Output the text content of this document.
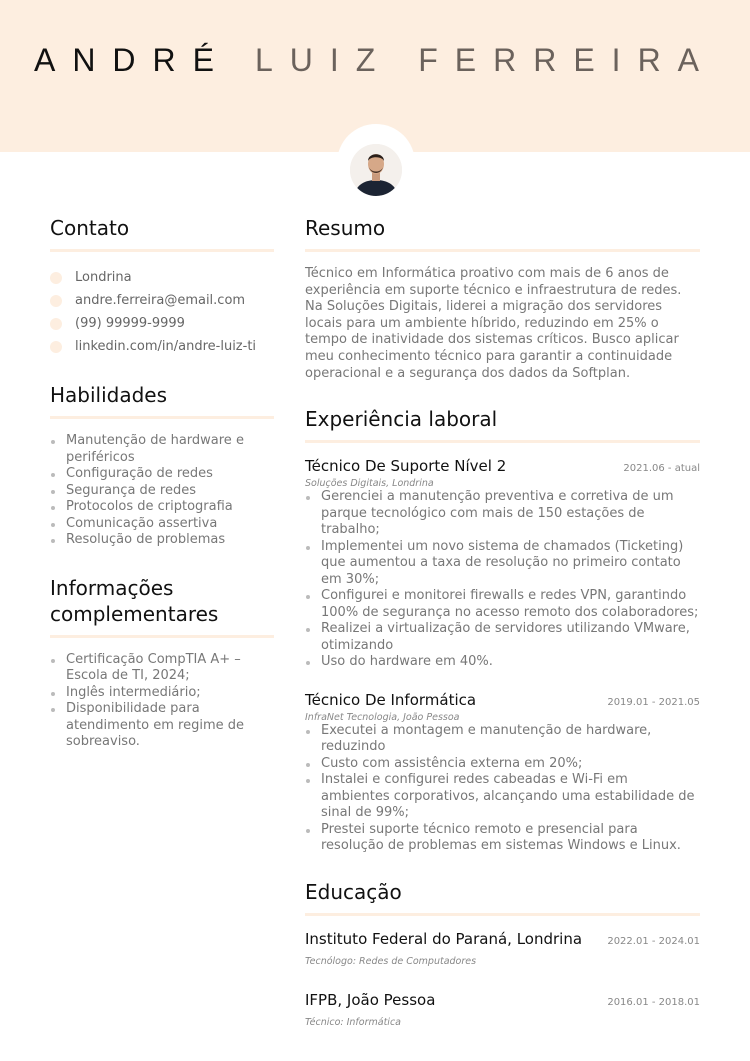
ANDRÉ LUIZ FERREIRA
Contato
Londrina
andre.ferreira@email.com
(99) 99999-9999
linkedin.com/in/andre-luiz-ti
Habilidades
Manutenção de hardware e periféricos
Configuração de redes
Segurança de redes
Protocolos de criptografia
Comunicação assertiva
Resolução de problemas
Informações complementares
Certificação CompTIA A+ – Escola de TI, 2024;
Inglês intermediário;
Disponibilidade para atendimento em regime de sobreaviso.
Resumo

Técnico em Informática proativo com mais de 6 anos de experiência em suporte técnico e infraestrutura de redes. Na Soluções Digitais, liderei a migração dos servidores locais para um ambiente híbrido, reduzindo em 25% o tempo de inatividade dos sistemas críticos. Busco aplicar meu conhecimento técnico para garantir a continuidade operacional e a segurança dos dados da Softplan.

Experiência laboral
Técnico De Suporte Nível 2	2021.06 - atual
Soluções Digitais, Londrina
Gerenciei a manutenção preventiva e corretiva de um parque tecnológico com mais de 150 estações de trabalho;
Implementei um novo sistema de chamados (Ticketing) que aumentou a taxa de resolução no primeiro contato em 30%;
Configurei e monitorei firewalls e redes VPN, garantindo 100% de segurança no acesso remoto dos colaboradores;
Realizei a virtualização de servidores utilizando VMware, otimizando
Uso do hardware em 40%.
Técnico De Informática	2019.01 - 2021.05
InfraNet Tecnologia, João Pessoa
Executei a montagem e manutenção de hardware, reduzindo
Custo com assistência externa em 20%;
Instalei e configurei redes cabeadas e Wi-Fi em ambientes corporativos, alcançando uma estabilidade de sinal de 99%;
Prestei suporte técnico remoto e presencial para resolução de problemas em sistemas Windows e Linux.
Educação
Instituto Federal do Paraná, Londrina	2022.01 - 2024.01
Tecnólogo: Redes de Computadores
IFPB, João Pessoa	2016.01 - 2018.01
Técnico: Informática
